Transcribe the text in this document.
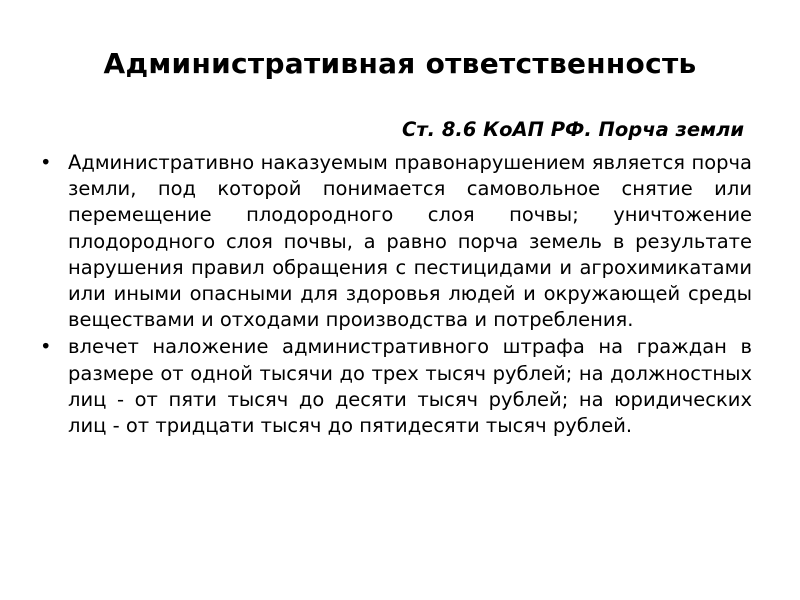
Административная ответственность
Ст. 8.6 КоАП РФ. Порча земли
• Административно наказуемым правонарушением является порча земли, под которой понимается самовольное снятие или перемещение плодородного слоя почвы; уничтожение плодородного слоя почвы, а равно порча земель в результате нарушения правил обращения с пестицидами и агрохимикатами или иными опасными для здоровья людей и окружающей среды веществами и отходами производства и потребления.
• влечет наложение административного штрафа на граждан в размере от одной тысячи до трех тысяч рублей; на должностных лиц - от пяти тысяч до десяти тысяч рублей; на юридических лиц - от тридцати тысяч до пятидесяти тысяч рублей.
